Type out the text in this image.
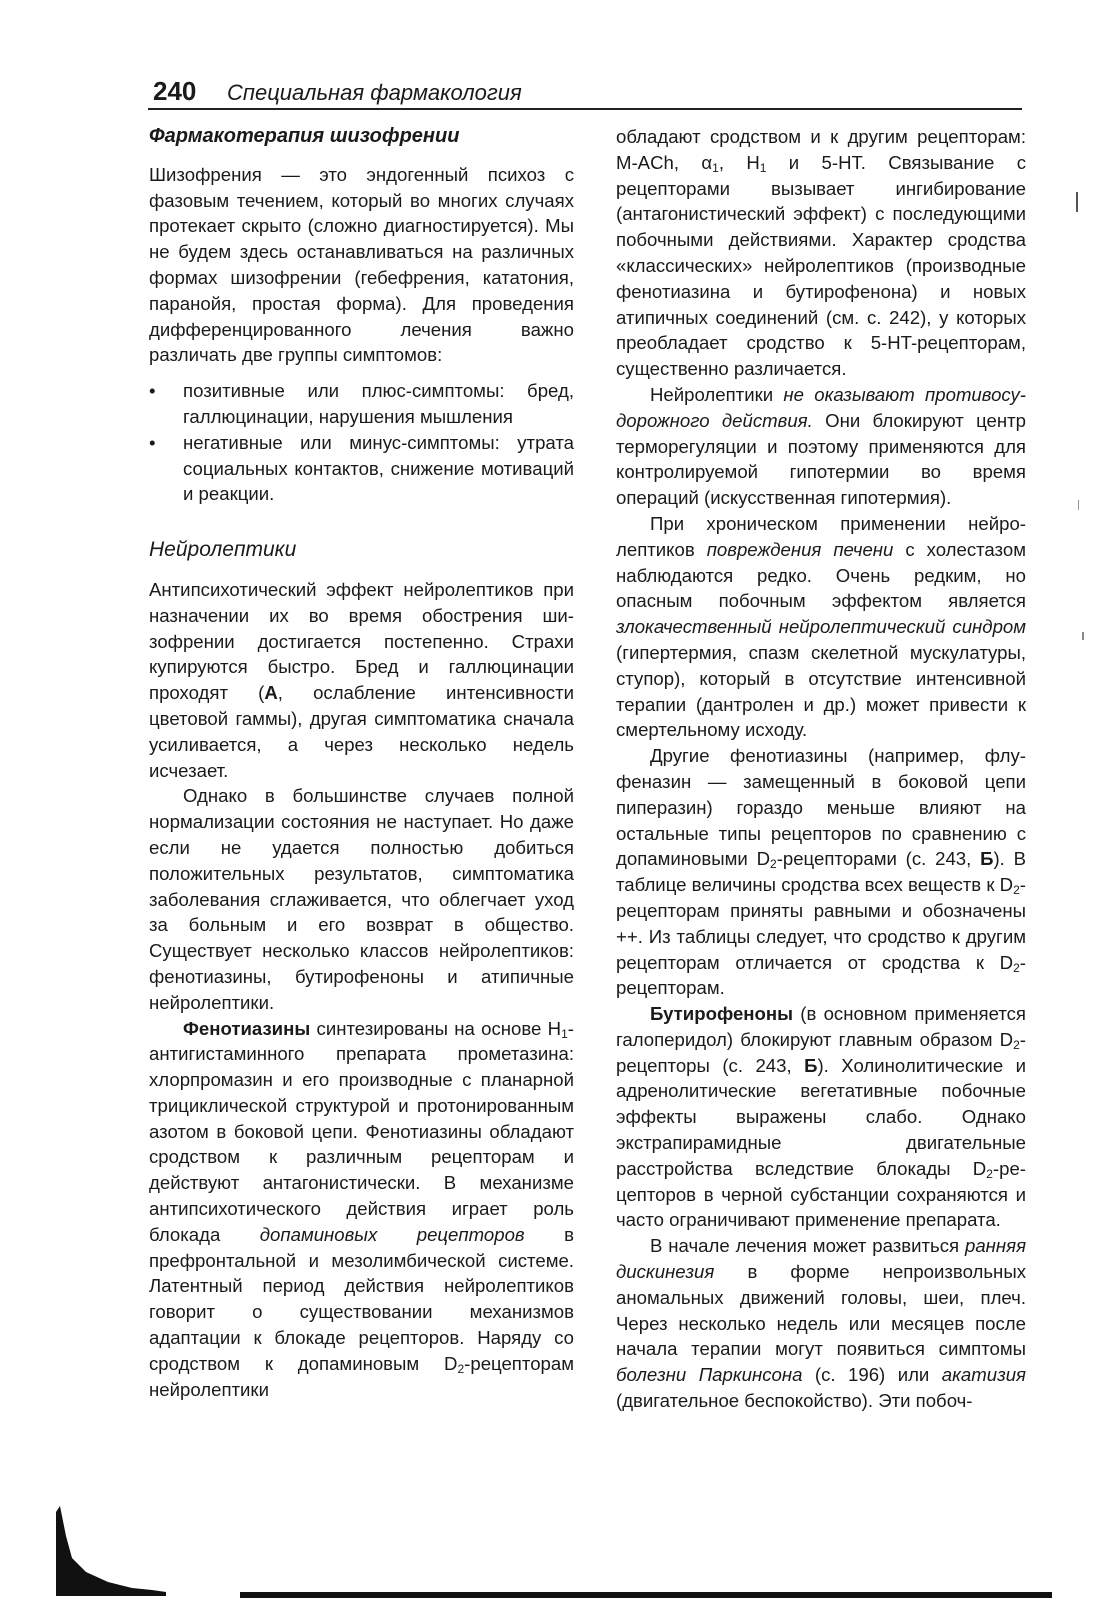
240 Специальная фармакология
Фармакотерапия шизофрении

Шизофрения — это эндогенный психоз с фазовым течением, который во многих случаях протекает скрыто (сложно диагностируется). Мы не будем здесь останавливаться на различных формах шизофрении (гебефрения, кататония, паранойя, простая форма). Для проведения дифференцированного лечения важно различать две группы симптомов:

• позитивные или плюс-симптомы: бред, галлюцинации, нарушения мышления
• негативные или минус-симптомы: утрата социальных контактов, снижение мотиваций и реакции.
Нейролептики

Антипсихотический эффект нейролептиков при назначении их во время обострения шизофрении достигается постепенно. Страхи купируются быстро. Бред и галлюцинации проходят (А, ослабление интенсивности цветовой гаммы), другая симптоматика сначала усиливается, а через несколько недель исчезает.

Однако в большинстве случаев полной нормализации состояния не наступает. Но даже если не удается полностью добиться положительных результатов, симптоматика заболевания сглаживается, что облегчает уход за больным и его возврат в общество. Существует несколько классов нейролептиков: фенотиазины, бутирофеноны и атипичные нейролептики.

Фенотиазины синтезированы на основе $H_1$-антигистаминного препарата прометазина: хлорпромазин и его производные с планарной трициклической структурой и протонированным азотом в боковой цепи. Фенотиазины обладают сродством к различным рецепторам и действуют антагонистически. В механизме антипсихотического действия играет роль блокада допаминовых рецепторов в префронтальной и мезолимбической системе. Латентный период действия нейролептиков говорит о существовании механизмов адаптации к блокаде рецепторов. Наряду со сродством к допаминовым $D_2$-рецепторам нейролептики

обладают сродством и к другим рецепторам: M-ACh, $\alpha_1$, $H_1$ и 5-HT. Связывание с рецепторами вызывает ингибирование (антагонистический эффект) с последующими побочными действиями. Характер сродства «классических» нейролептиков (производные фенотиазина и бутирофенона) и новых атипичных соединений (см. с. 242), у которых преобладает сродство к 5-HT-рецепторам, существенно различается.

Нейролептики не оказывают противосудорожного действия. Они блокируют центр терморегуляции и поэтому применяются для контролируемой гипотермии во время операций (искусственная гипотермия).

При хроническом применении нейролептиков повреждения печени с холестазом наблюдаются редко. Очень редким, но опасным побочным эффектом является злокачественный нейролептический синдром (гипертермия, спазм скелетной мускулатуры, ступор), который в отсутствие интенсивной терапии (дантролен и др.) может привести к смертельному исходу.

Другие фенотиазины (например, флуфеназин — замещенный в боковой цепи пиперазин) гораздо меньше влияют на остальные типы рецепторов по сравнению с допаминовыми $D_2$-рецепторами (с. 243, Б). В таблице величины сродства всех веществ к $D_2$-рецепторам приняты равными и обозначены ++. Из таблицы следует, что сродство к другим рецепторам отличается от сродства к $D_2$-рецепторам.

Бутирофеноны (в основном применяется галоперидол) блокируют главным образом $D_2$-рецепторы (с. 243, Б). Холинолитические и адренолитические вегетативные побочные эффекты выражены слабо. Однако экстрапирамидные двигательные расстройства вследствие блокады $D_2$-рецепторов в черной субстанции сохраняются и часто ограничивают применение препарата.

В начале лечения может развиться ранняя дискинезия в форме непроизвольных аномальных движений головы, шеи, плеч. Через несколько недель или месяцев после начала терапии могут появиться симптомы болезни Паркинсона (с. 196) или акатизия (двигательное беспокойство). Эти побоч-
